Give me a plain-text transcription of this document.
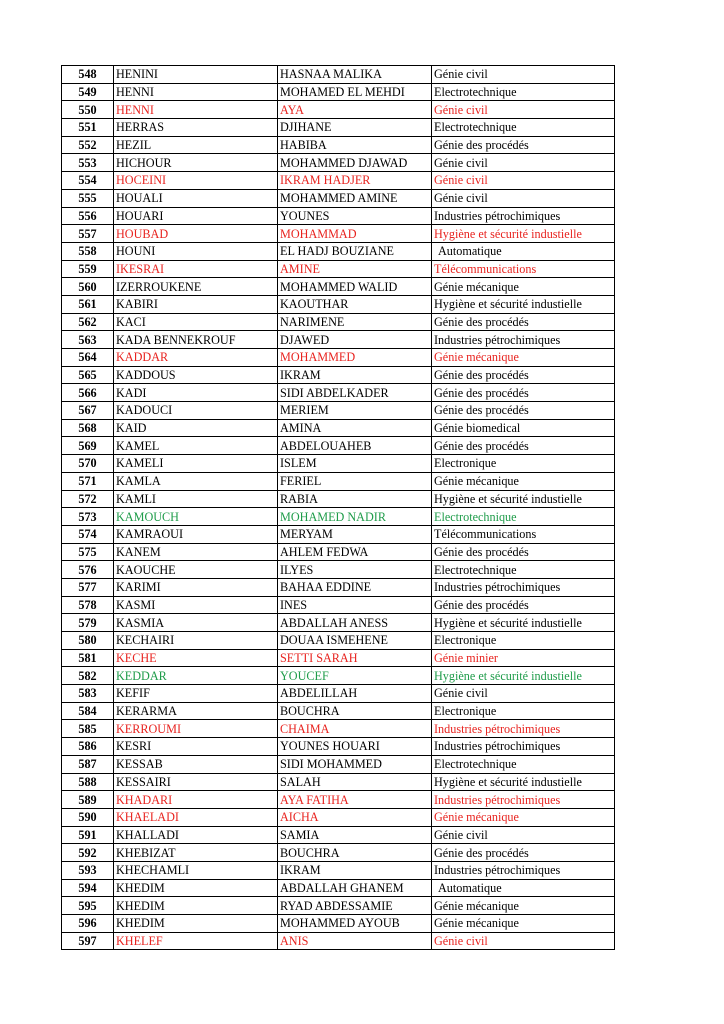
548	HENINI	HASNAA MALIKA	Génie civil
549	HENNI	MOHAMED EL MEHDI	Electrotechnique
550	HENNI	AYA	Génie civil
551	HERRAS	DJIHANE	Electrotechnique
552	HEZIL	HABIBA	Génie des procédés
553	HICHOUR	MOHAMMED DJAWAD	Génie civil
554	HOCEINI	IKRAM HADJER	Génie civil
555	HOUALI	MOHAMMED AMINE	Génie civil
556	HOUARI	YOUNES	Industries pétrochimiques
557	HOUBAD	MOHAMMAD	Hygiène et sécurité industielle
558	HOUNI	EL HADJ BOUZIANE	Automatique
559	IKESRAI	AMINE	Télécommunications
560	IZERROUKENE	MOHAMMED WALID	Génie mécanique
561	KABIRI	KAOUTHAR	Hygiène et sécurité industielle
562	KACI	NARIMENE	Génie des procédés
563	KADA BENNEKROUF	DJAWED	Industries pétrochimiques
564	KADDAR	MOHAMMED	Génie mécanique
565	KADDOUS	IKRAM	Génie des procédés
566	KADI	SIDI ABDELKADER	Génie des procédés
567	KADOUCI	MERIEM	Génie des procédés
568	KAID	AMINA	Génie biomedical
569	KAMEL	ABDELOUAHEB	Génie des procédés
570	KAMELI	ISLEM	Electronique
571	KAMLA	FERIEL	Génie mécanique
572	KAMLI	RABIA	Hygiène et sécurité industielle
573	KAMOUCH	MOHAMED NADIR	Electrotechnique
574	KAMRAOUI	MERYAM	Télécommunications
575	KANEM	AHLEM FEDWA	Génie des procédés
576	KAOUCHE	ILYES	Electrotechnique
577	KARIMI	BAHAA EDDINE	Industries pétrochimiques
578	KASMI	INES	Génie des procédés
579	KASMIA	ABDALLAH ANESS	Hygiène et sécurité industielle
580	KECHAIRI	DOUAA ISMEHENE	Electronique
581	KECHE	SETTI SARAH	Génie minier
582	KEDDAR	YOUCEF	Hygiène et sécurité industielle
583	KEFIF	ABDELILLAH	Génie civil
584	KERARMA	BOUCHRA	Electronique
585	KERROUMI	CHAIMA	Industries pétrochimiques
586	KESRI	YOUNES HOUARI	Industries pétrochimiques
587	KESSAB	SIDI MOHAMMED	Electrotechnique
588	KESSAIRI	SALAH	Hygiène et sécurité industielle
589	KHADARI	AYA FATIHA	Industries pétrochimiques
590	KHAELADI	AICHA	Génie mécanique
591	KHALLADI	SAMIA	Génie civil
592	KHEBIZAT	BOUCHRA	Génie des procédés
593	KHECHAMLI	IKRAM	Industries pétrochimiques
594	KHEDIM	ABDALLAH GHANEM	Automatique
595	KHEDIM	RYAD ABDESSAMIE	Génie mécanique
596	KHEDIM	MOHAMMED AYOUB	Génie mécanique
597	KHELEF	ANIS	Génie civil
